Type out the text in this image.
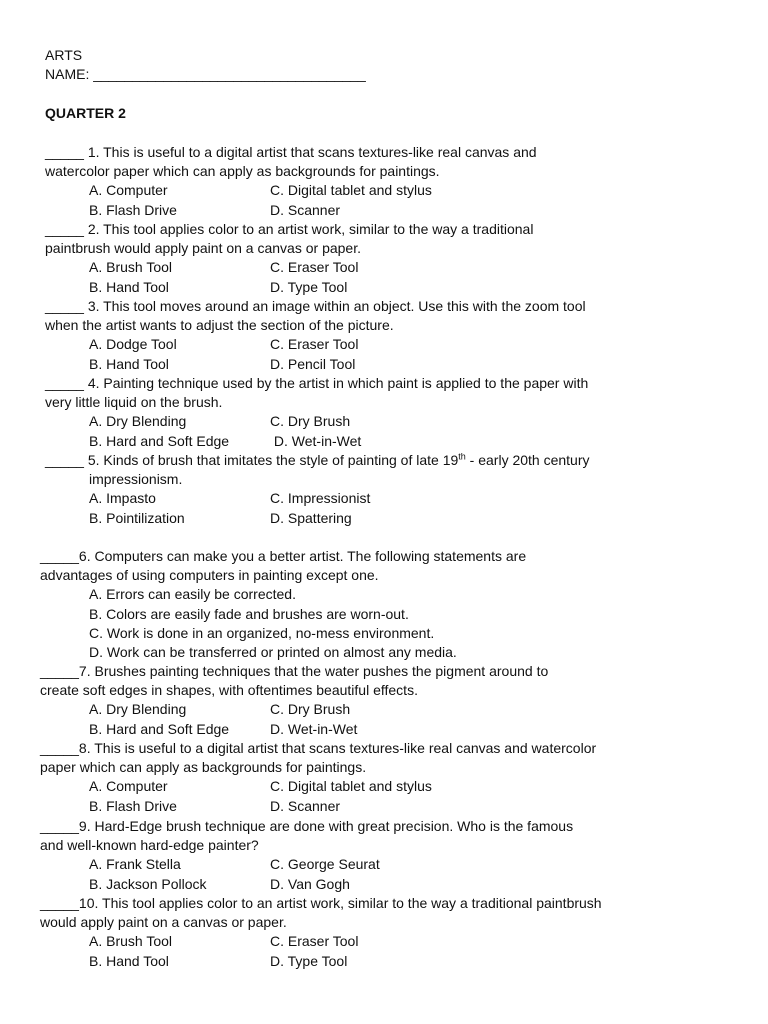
ARTS
NAME: ___________________________________
QUARTER 2
_____ 1. This is useful to a digital artist that scans textures-like real canvas and
watercolor paper which can apply as backgrounds for paintings.
A. Computer	C. Digital tablet and stylus
B. Flash Drive	D. Scanner
_____ 2. This tool applies color to an artist work, similar to the way a traditional
paintbrush would apply paint on a canvas or paper.
A. Brush Tool	C. Eraser Tool
B. Hand Tool	D. Type Tool
_____ 3. This tool moves around an image within an object. Use this with the zoom tool
when the artist wants to adjust the section of the picture.
A. Dodge Tool	C. Eraser Tool
B. Hand Tool	D. Pencil Tool
_____ 4. Painting technique used by the artist in which paint is applied to the paper with
very little liquid on the brush.
A. Dry Blending	C. Dry Brush
B. Hard and Soft Edge	D. Wet-in-Wet
_____ 5. Kinds of brush that imitates the style of painting of late 19th - early 20th century
impressionism.
A. Impasto	C. Impressionist
B. Pointilization	D. Spattering
_____6. Computers can make you a better artist. The following statements are
advantages of using computers in painting except one.
A. Errors can easily be corrected.
B. Colors are easily fade and brushes are worn-out.
C. Work is done in an organized, no-mess environment.
D. Work can be transferred or printed on almost any media.
_____7. Brushes painting techniques that the water pushes the pigment around to
create soft edges in shapes, with oftentimes beautiful effects.
A. Dry Blending	C. Dry Brush
B. Hard and Soft Edge	D. Wet-in-Wet
_____8. This is useful to a digital artist that scans textures-like real canvas and watercolor
paper which can apply as backgrounds for paintings.
A. Computer	C. Digital tablet and stylus
B. Flash Drive	D. Scanner
_____9. Hard-Edge brush technique are done with great precision. Who is the famous
and well-known hard-edge painter?
A. Frank Stella	C. George Seurat
B. Jackson Pollock	D. Van Gogh
_____10. This tool applies color to an artist work, similar to the way a traditional paintbrush
would apply paint on a canvas or paper.
A. Brush Tool	C. Eraser Tool
B. Hand Tool	D. Type Tool
